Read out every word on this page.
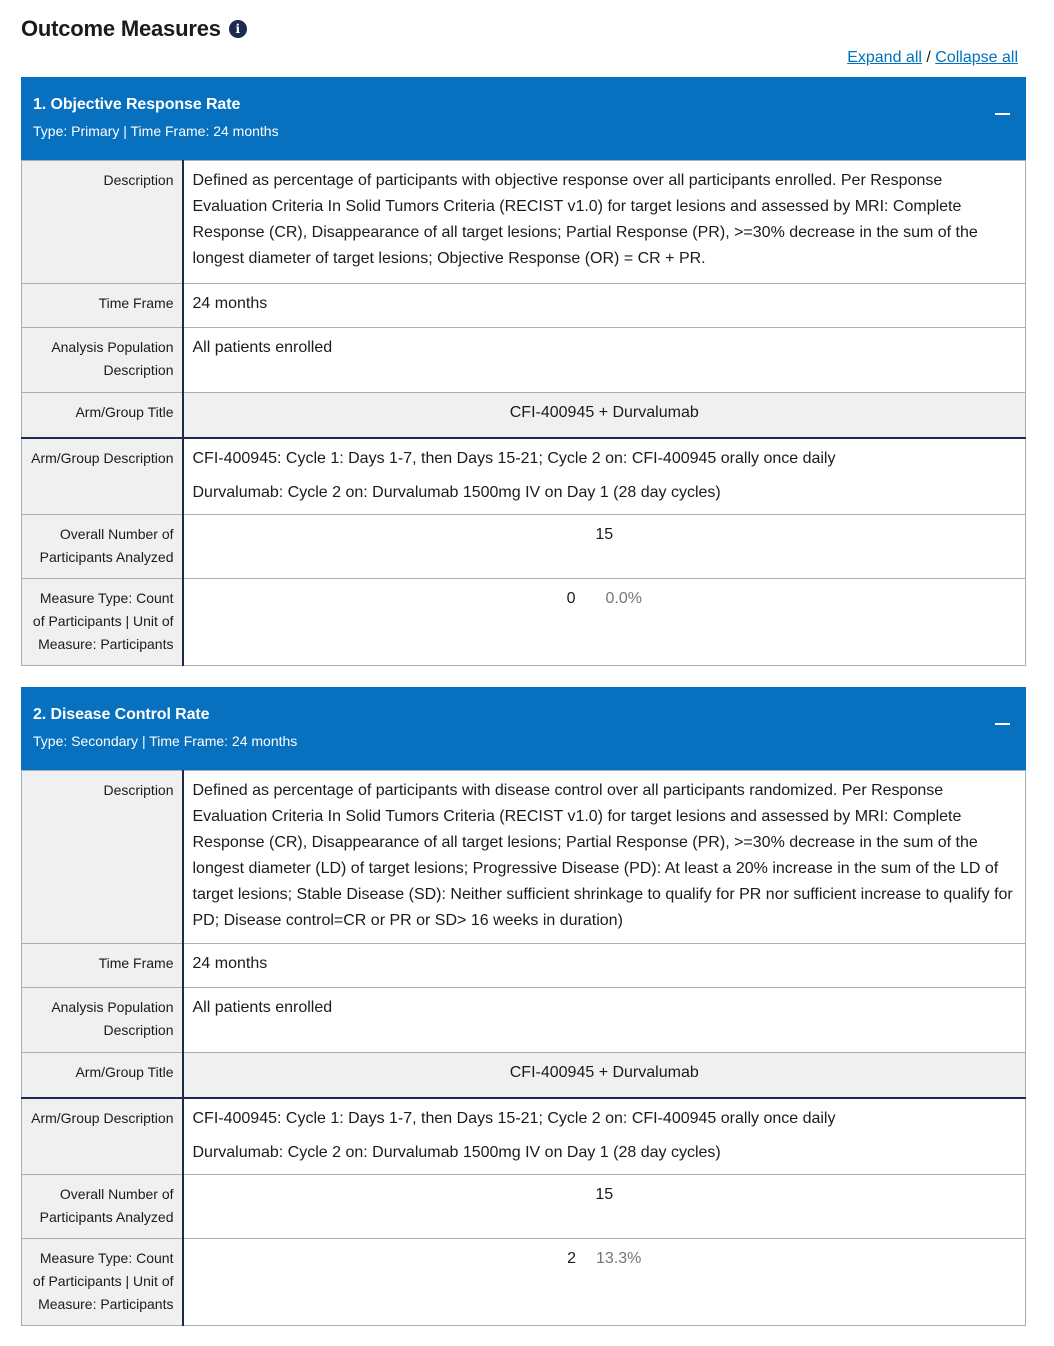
Outcome Measures	i
Expand all / Collapse all
1. Objective Response Rate
Type: Primary | Time Frame: 24 months
Description	Defined as percentage of participants with objective response over all participants enrolled. Per Response Evaluation Criteria In Solid Tumors Criteria (RECIST v1.0) for target lesions and assessed by MRI: Complete Response (CR), Disappearance of all target lesions; Partial Response (PR), >=30% decrease in the sum of the longest diameter of target lesions; Objective Response (OR) = CR + PR.
Time Frame	24 months
Analysis Population Description	All patients enrolled
Arm/Group Title	CFI-400945 + Durvalumab
Arm/Group Description	CFI-400945: Cycle 1: Days 1-7, then Days 15-21; Cycle 2 on: CFI-400945 orally once daily
Durvalumab: Cycle 2 on: Durvalumab 1500mg IV on Day 1 (28 day cycles)

Overall Number of Participants Analyzed	15
Measure Type: Count of Participants | Unit of Measure: Participants	0 0.0%
2. Disease Control Rate
Type: Secondary | Time Frame: 24 months
Description	Defined as percentage of participants with disease control over all participants randomized. Per Response Evaluation Criteria In Solid Tumors Criteria (RECIST v1.0) for target lesions and assessed by MRI: Complete Response (CR), Disappearance of all target lesions; Partial Response (PR), >=30% decrease in the sum of the longest diameter (LD) of target lesions; Progressive Disease (PD): At least a 20% increase in the sum of the LD of target lesions; Stable Disease (SD): Neither sufficient shrinkage to qualify for PR nor sufficient increase to qualify for PD; Disease control=CR or PR or SD> 16 weeks in duration)
Time Frame	24 months
Analysis Population Description	All patients enrolled
Arm/Group Title	CFI-400945 + Durvalumab
Arm/Group Description	CFI-400945: Cycle 1: Days 1-7, then Days 15-21; Cycle 2 on: CFI-400945 orally once daily
Durvalumab: Cycle 2 on: Durvalumab 1500mg IV on Day 1 (28 day cycles)

Overall Number of Participants Analyzed	15
Measure Type: Count of Participants | Unit of Measure: Participants	2 13.3%
